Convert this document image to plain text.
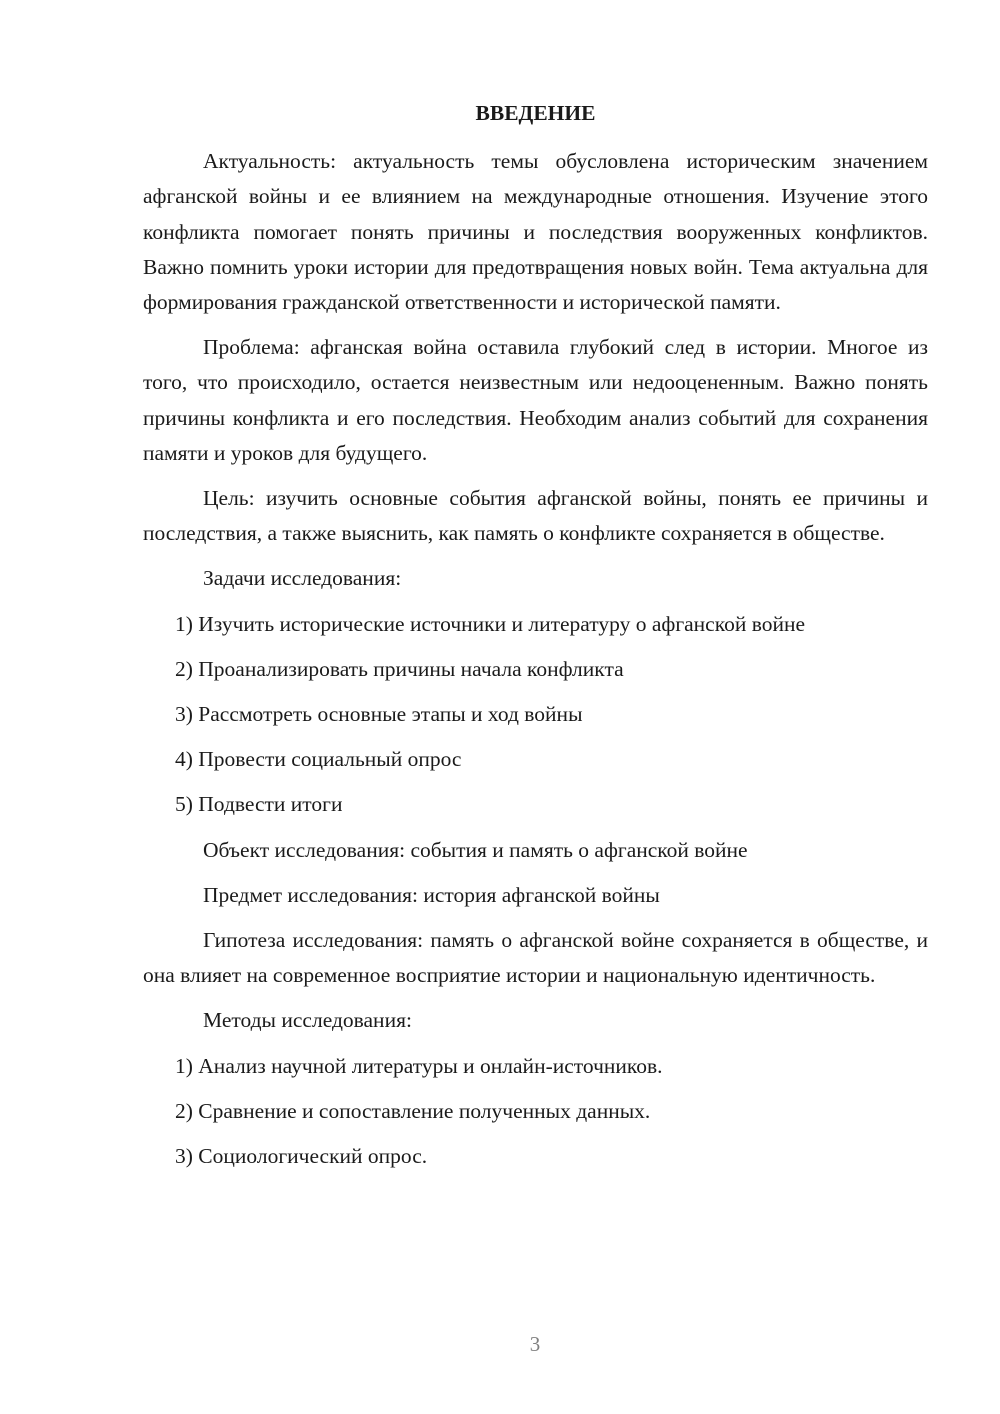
ВВЕДЕНИЕ

Актуальность: актуальность темы обусловлена историческим значением афганской войны и ее влиянием на международные отношения. Изучение этого конфликта помогает понять причины и последствия вооруженных конфликтов. Важно помнить уроки истории для предотвращения новых войн. Тема актуальна для формирования гражданской ответственности и исторической памяти.

Проблема: афганская война оставила глубокий след в истории. Многое из того, что происходило, остается неизвестным или недооцененным. Важно понять причины конфликта и его последствия. Необходим анализ событий для сохранения памяти и уроков для будущего.

Цель: изучить основные события афганской войны, понять ее причины и последствия, а также выяснить, как память о конфликте сохраняется в обществе.

Задачи исследования:

1) Изучить исторические источники и литературу о афганской войне

2) Проанализировать причины начала конфликта

3) Рассмотреть основные этапы и ход войны

4) Провести социальный опрос

5) Подвести итоги

Объект исследования: события и память о афганской войне

Предмет исследования: история афганской войны

Гипотеза исследования: память о афганской войне сохраняется в обществе, и она влияет на современное восприятие истории и национальную идентичность.

Методы исследования:

1) Анализ научной литературы и онлайн-источников.

2) Сравнение и сопоставление полученных данных.

3) Социологический опрос.

3
